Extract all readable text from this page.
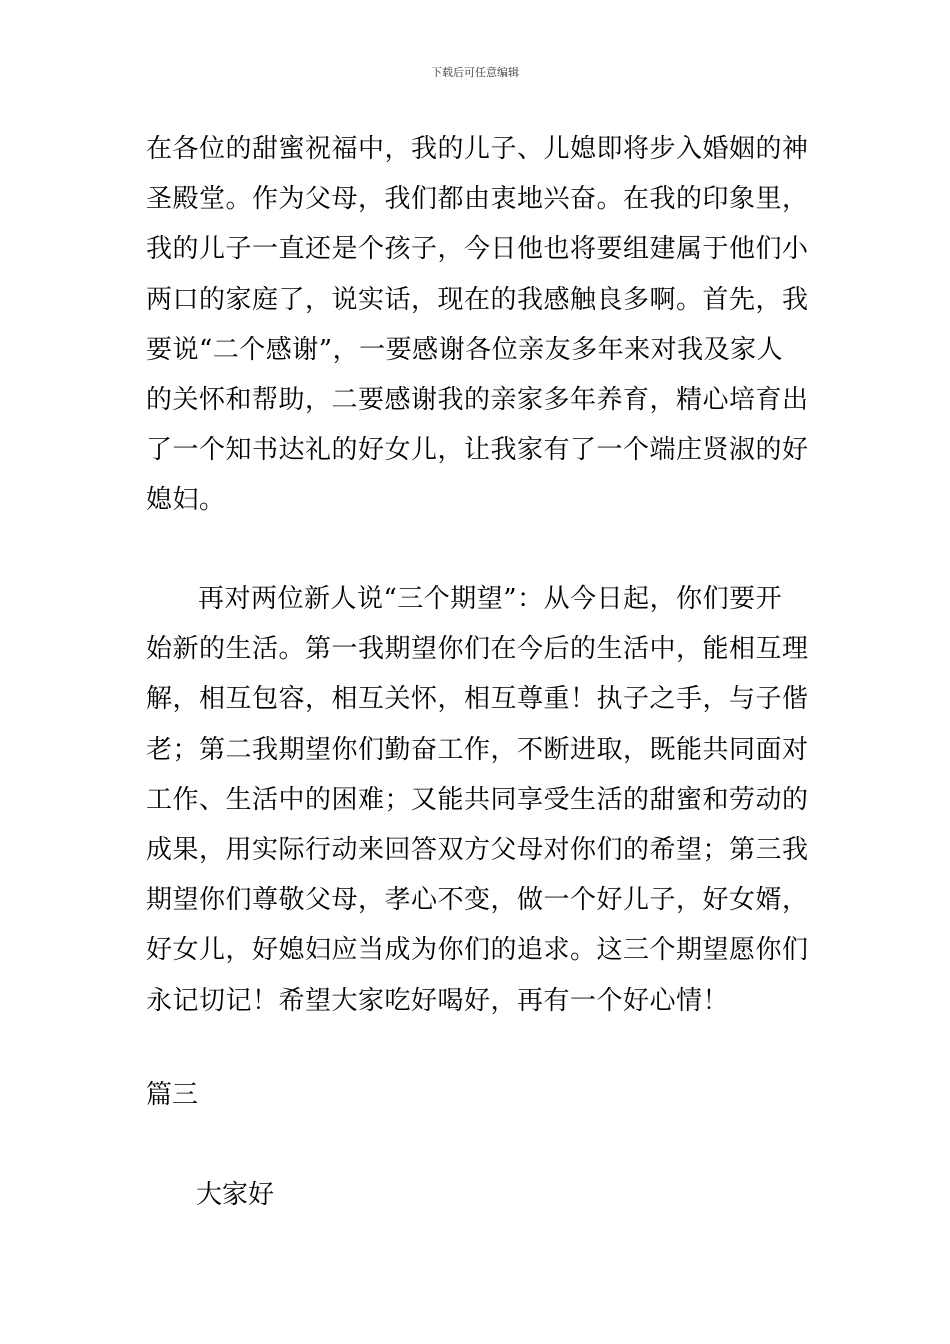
下载后可任意编辑
在各位的甜蜜祝福中，我的儿子、儿媳即将步入婚姻的神
圣殿堂。作为父母，我们都由衷地兴奋。在我的印象里，
我的儿子一直还是个孩子，今日他也将要组建属于他们小
两口的家庭了，说实话，现在的我感触良多啊。首先，我
要说“二个感谢”，一要感谢各位亲友多年来对我及家人
的关怀和帮助，二要感谢我的亲家多年养育，精心培育出
了一个知书达礼的好女儿，让我家有了一个端庄贤淑的好
媳妇。
再对两位新人说“三个期望”：从今日起，你们要开
始新的生活。第一我期望你们在今后的生活中，能相互理
解，相互包容，相互关怀，相互尊重！执子之手，与子偕
老；第二我期望你们勤奋工作，不断进取，既能共同面对
工作、生活中的困难；又能共同享受生活的甜蜜和劳动的
成果，用实际行动来回答双方父母对你们的希望；第三我
期望你们尊敬父母，孝心不变，做一个好儿子，好女婿，
好女儿，好媳妇应当成为你们的追求。这三个期望愿你们
永记切记！希望大家吃好喝好，再有一个好心情！
篇三
大家好
